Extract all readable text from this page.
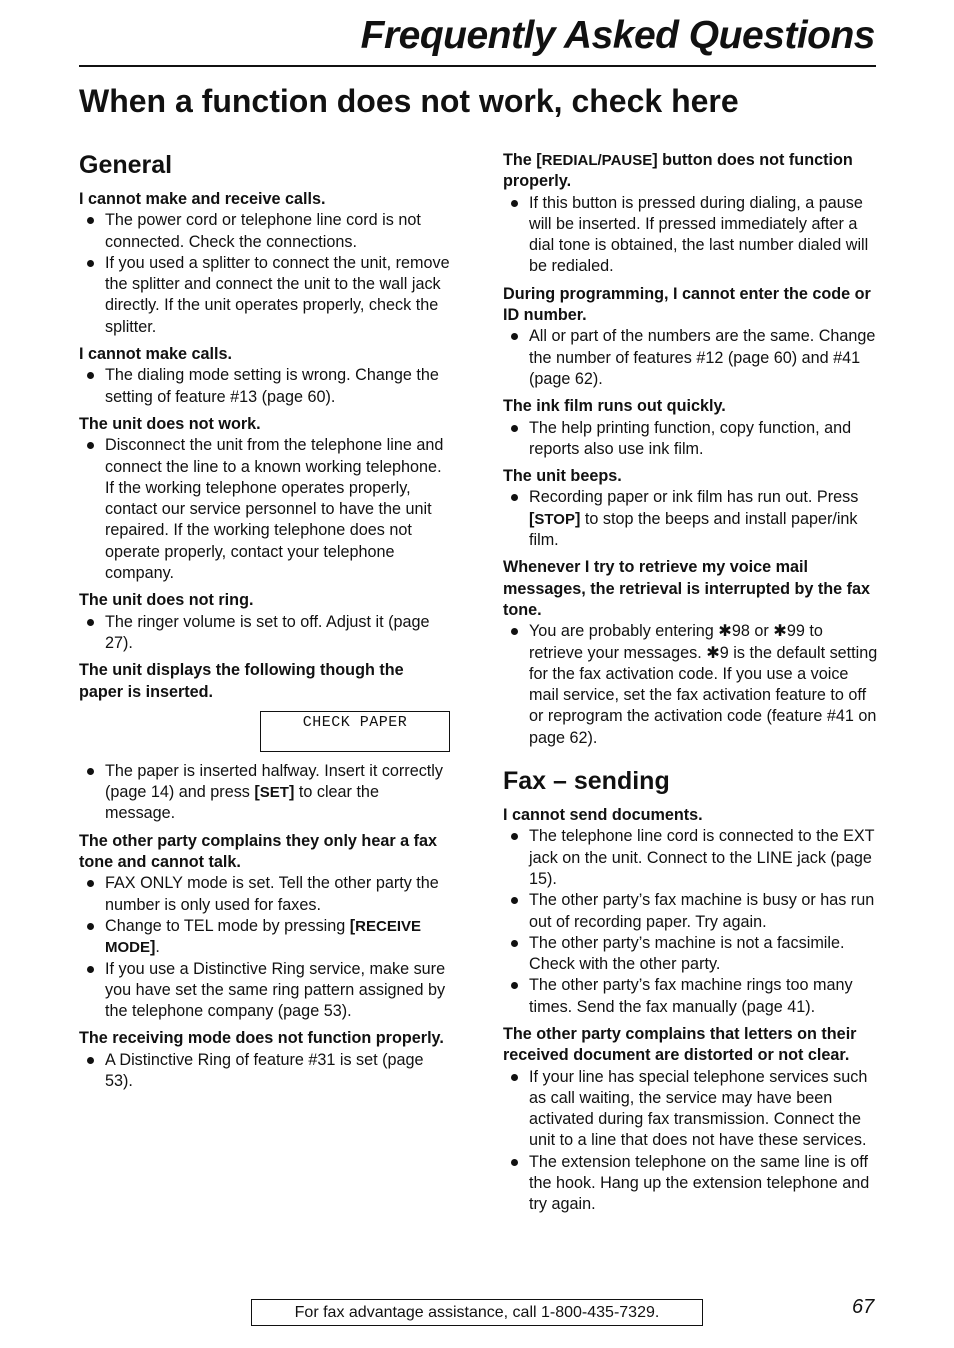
Frequently Asked Questions
When a function does not work, check here
General
I cannot make and receive calls.
The power cord or telephone line cord is not connected. Check the connections.
If you used a splitter to connect the unit, remove the splitter and connect the unit to the wall jack directly. If the unit operates properly, check the splitter.
I cannot make calls.
The dialing mode setting is wrong. Change the setting of feature #13 (page 60).
The unit does not work.
Disconnect the unit from the telephone line and connect the line to a known working telephone. If the working telephone operates properly, contact our service personnel to have the unit repaired. If the working telephone does not operate properly, contact your telephone company.
The unit does not ring.
The ringer volume is set to off. Adjust it (page 27).
The unit displays the following though the paper is inserted.
CHECK PAPER
The paper is inserted halfway. Insert it correctly (page 14) and press [SET] to clear the message.
The other party complains they only hear a fax tone and cannot talk.
FAX ONLY mode is set. Tell the other party the number is only used for faxes.
Change to TEL mode by pressing [RECEIVE MODE].
If you use a Distinctive Ring service, make sure you have set the same ring pattern assigned by the telephone company (page 53).
The receiving mode does not function properly.
A Distinctive Ring of feature #31 is set (page 53).
The [REDIAL/PAUSE] button does not function properly.
If this button is pressed during dialing, a pause will be inserted. If pressed immediately after a dial tone is obtained, the last number dialed will be redialed.
During programming, I cannot enter the code or ID number.
All or part of the numbers are the same. Change the number of features #12 (page 60) and #41 (page 62).
The ink film runs out quickly.
The help printing function, copy function, and reports also use ink film.
The unit beeps.
Recording paper or ink film has run out. Press [STOP] to stop the beeps and install paper/ink film.
Whenever I try to retrieve my voice mail messages, the retrieval is interrupted by the fax tone.
You are probably entering ✱98 or ✱99 to retrieve your messages. ✱9 is the default setting for the fax activation code. If you use a voice mail service, set the fax activation feature to off or reprogram the activation code (feature #41 on page 62).
Fax – sending
I cannot send documents.
The telephone line cord is connected to the EXT jack on the unit. Connect to the LINE jack (page 15).
The other party’s fax machine is busy or has run out of recording paper. Try again.
The other party’s machine is not a facsimile. Check with the other party.
The other party’s fax machine rings too many times. Send the fax manually (page 41).
The other party complains that letters on their received document are distorted or not clear.
If your line has special telephone services such as call waiting, the service may have been activated during fax transmission. Connect the unit to a line that does not have these services.
The extension telephone on the same line is off the hook. Hang up the extension telephone and try again.
For fax advantage assistance, call 1-800-435-7329.	67
